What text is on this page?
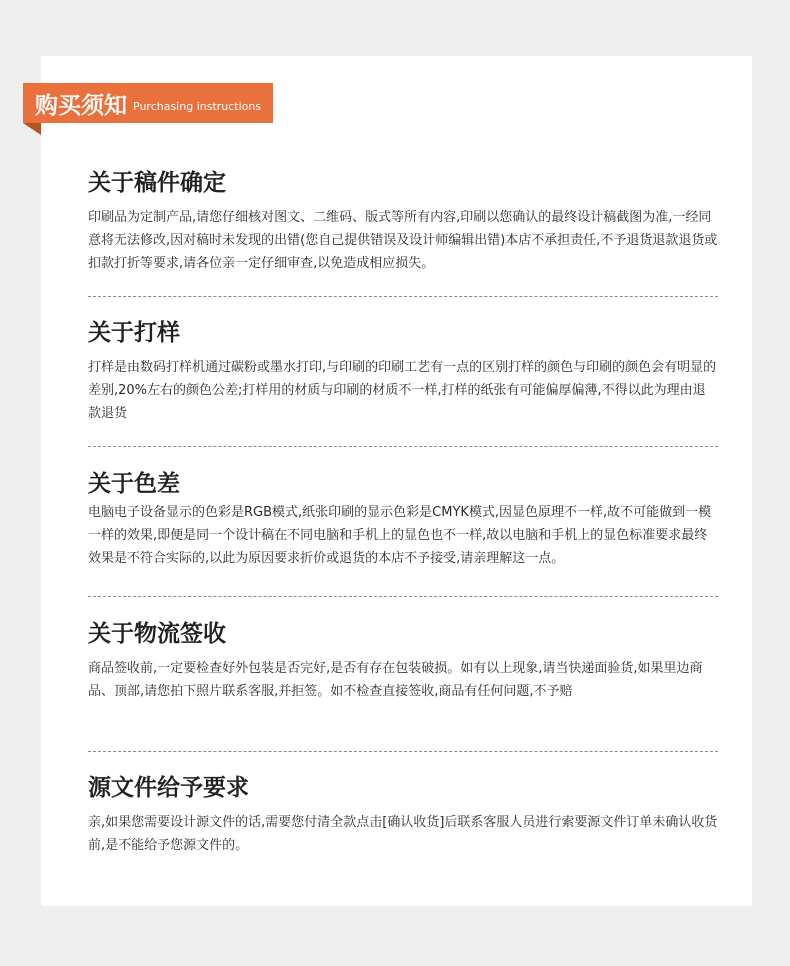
购买须知 Purchasing instructions
关于稿件确定

印刷品为定制产品,请您仔细核对图文、二维码、版式等所有内容,印刷以您确认的最终设计稿截图为准,一经同意将无法修改,因对稿时未发现的出错(您自己提供错误及设计师编辑出错)本店不承担责任,不予退货退款退货或扣款打折等要求,请各位亲一定仔细审查,以免造成相应损失。

关于打样

打样是由数码打样机通过碳粉或墨水打印,与印刷的印刷工艺有一点的区别打样的颜色与印刷的颜色会有明显的差别,20%左右的颜色公差;打样用的材质与印刷的材质不一样,打样的纸张有可能偏厚偏薄,不得以此为理由退款退货

关于色差

电脑电子设备显示的色彩是RGB模式,纸张印刷的显示色彩是CMYK模式,因显色原理不一样,故不可能做到一模一样的效果,即便是同一个设计稿在不同电脑和手机上的显色也不一样,故以电脑和手机上的显色标准要求最终效果是不符合实际的,以此为原因要求折价或退货的本店不予接受,请亲理解这一点。

关于物流签收

商品签收前,一定要检查好外包装是否完好,是否有存在包装破损。如有以上现象,请当快递面验货,如果里边商品、顶部,请您拍下照片联系客服,并拒签。如不检查直接签收,商品有任何问题,不予赔

源文件给予要求

亲,如果您需要设计源文件的话,需要您付清全款点击[确认收货]后联系客服人员进行索要源文件订单未确认收货前,是不能给予您源文件的。
